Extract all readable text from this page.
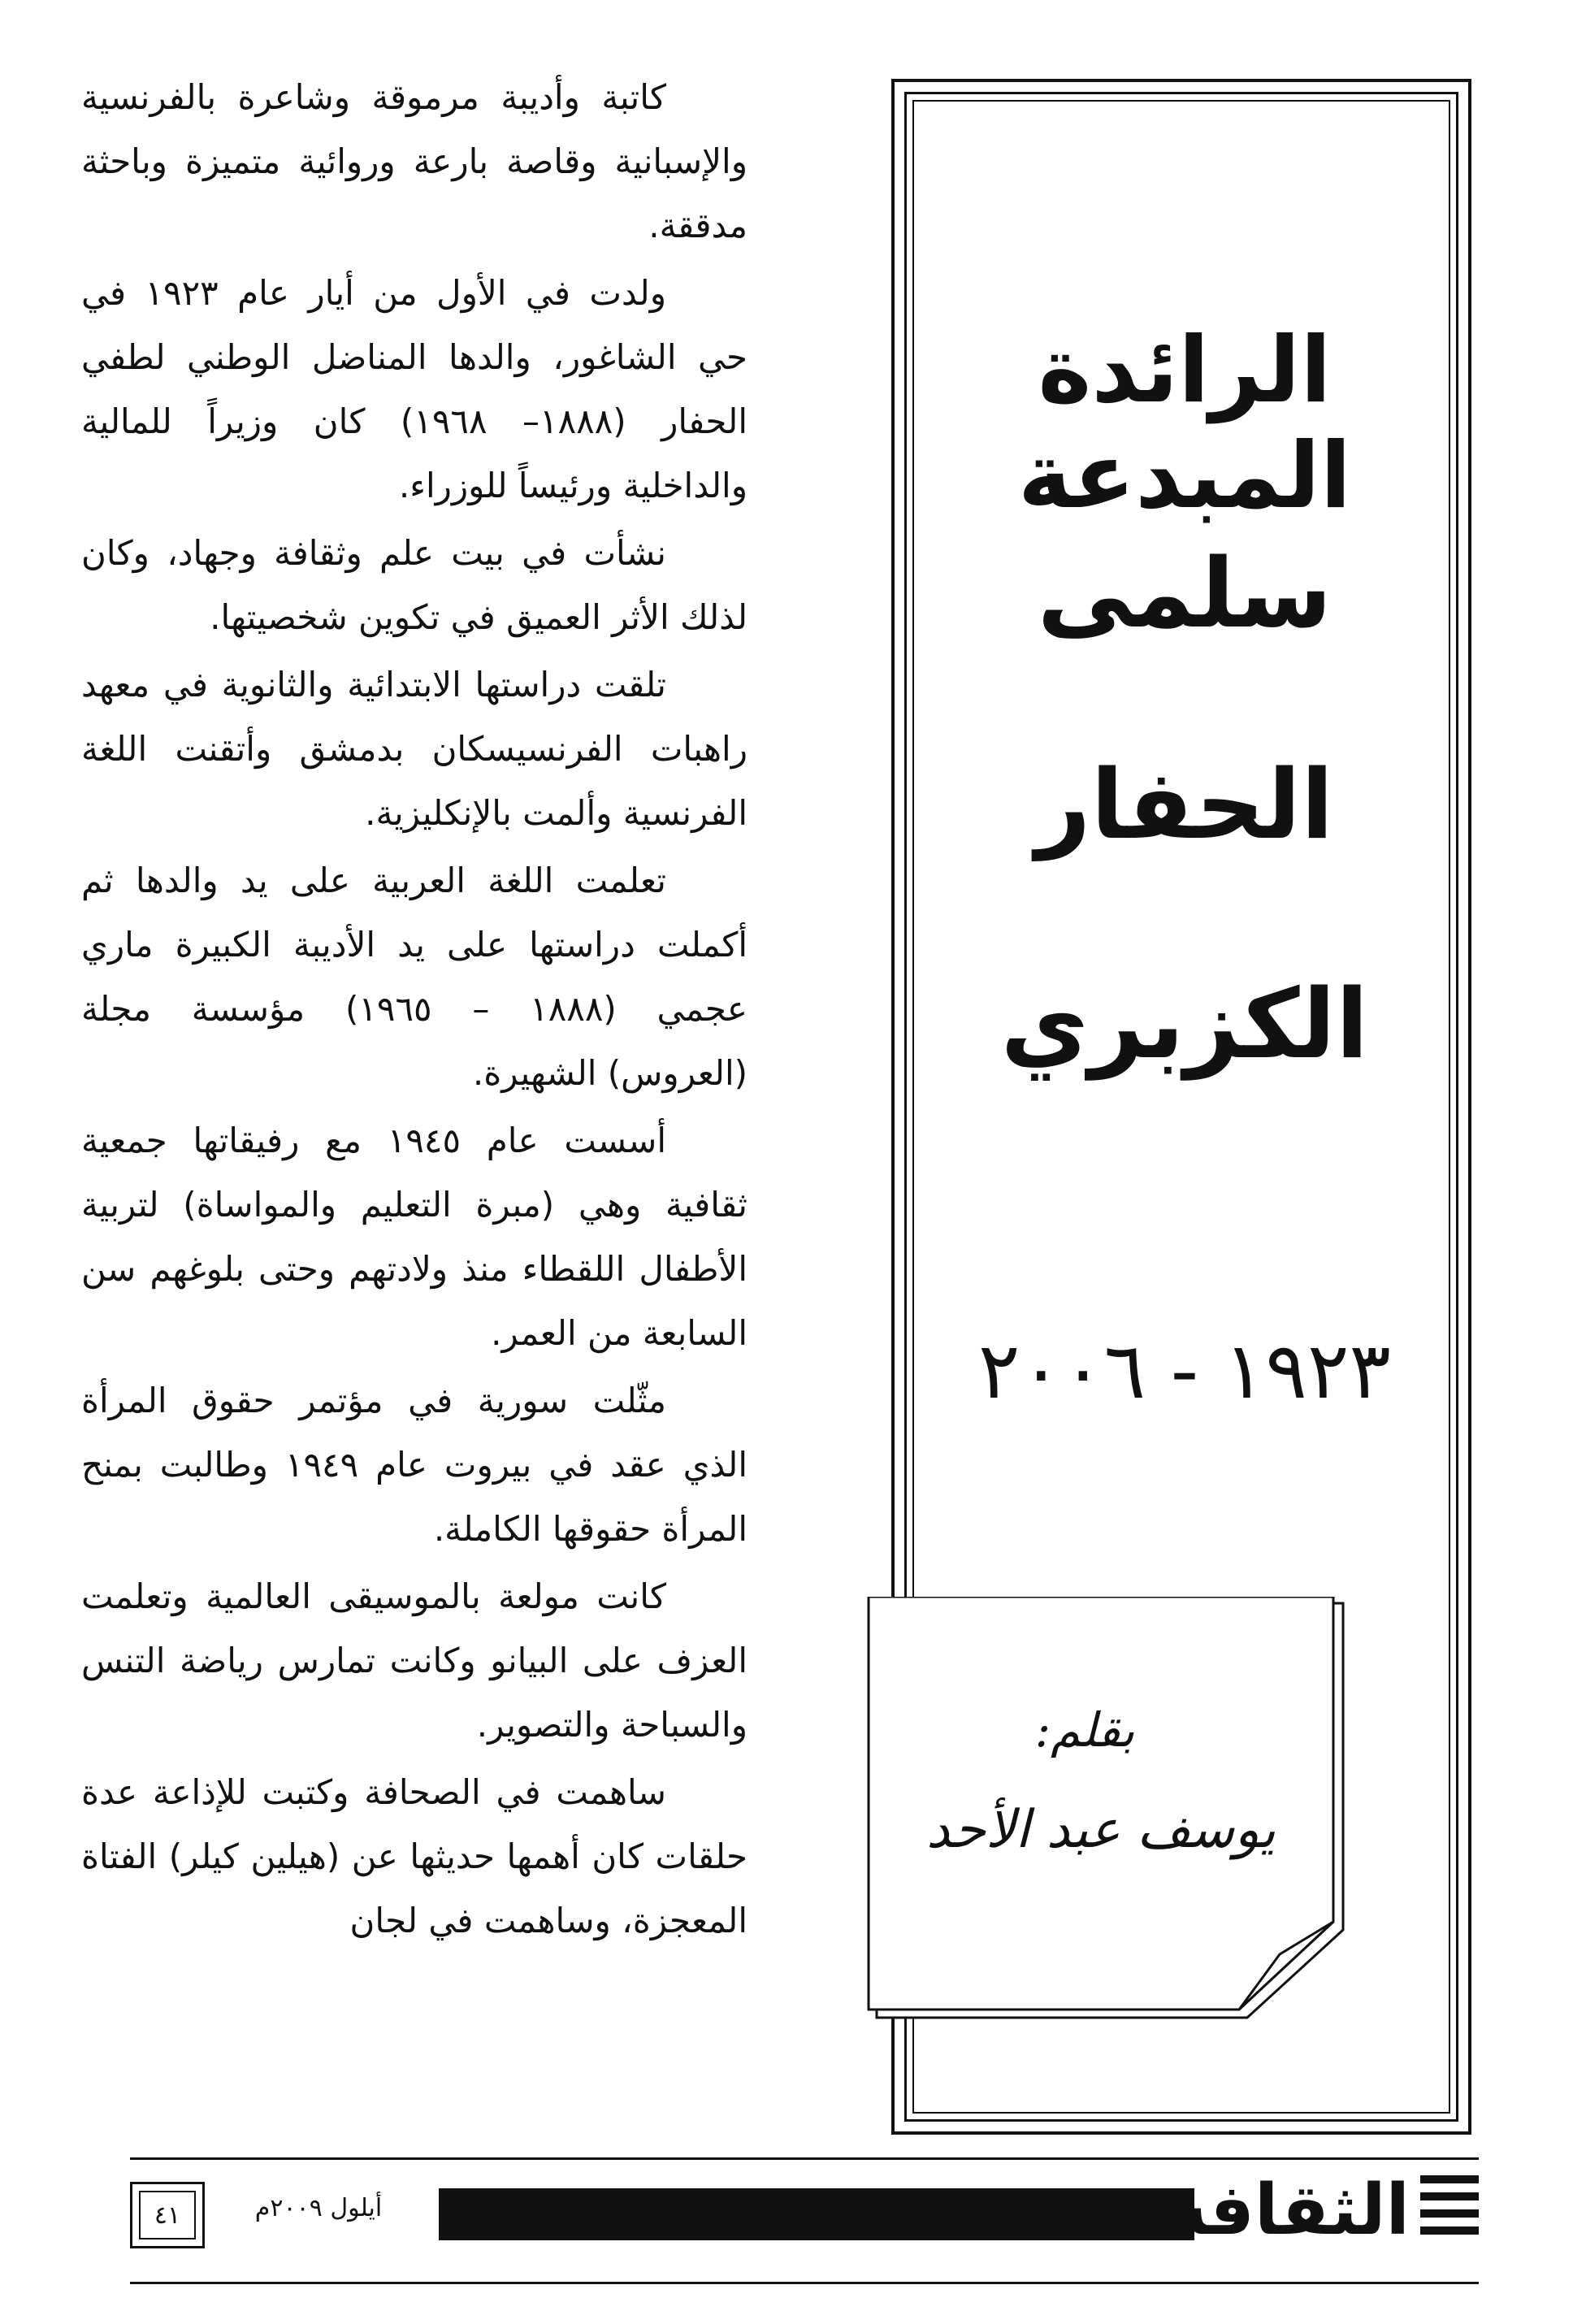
كاتبة وأديبة مرموقة وشاعرة بالفرنسية والإسبانية وقاصة بارعة وروائية متميزة وباحثة مدققة.

ولدت في الأول من أيار عام ١٩٢٣ في حي الشاغور، والدها المناضل الوطني لطفي الحفار (١٨٨٨– ١٩٦٨) كان وزيراً للمالية والداخلية ورئيساً للوزراء.

نشأت في بيت علم وثقافة وجهاد، وكان لذلك الأثر العميق في تكوين شخصيتها.

تلقت دراستها الابتدائية والثانوية في معهد راهبات الفرنسيسكان بدمشق وأتقنت اللغة الفرنسية وألمت بالإنكليزية.

تعلمت اللغة العربية على يد والدها ثم أكملت دراستها على يد الأديبة الكبيرة ماري عجمي (١٨٨٨ – ١٩٦٥) مؤسسة مجلة (العروس) الشهيرة.

أسست عام ١٩٤٥ مع رفيقاتها جمعية ثقافية وهي (مبرة التعليم والمواساة) لتربية الأطفال اللقطاء منذ ولادتهم وحتى بلوغهم سن السابعة من العمر.

مثّلت سورية في مؤتمر حقوق المرأة الذي عقد في بيروت عام ١٩٤٩ وطالبت بمنح المرأة حقوقها الكاملة.

كانت مولعة بالموسيقى العالمية وتعلمت العزف على البيانو وكانت تمارس رياضة التنس والسباحة والتصوير.

ساهمت في الصحافة وكتبت للإذاعة عدة حلقات كان أهمها حديثها عن (هيلين كيلر) الفتاة المعجزة، وساهمت في لجان

الرائدة المبدعة
سلمى
الحفار
الكزبري
١٩٢٣ - ٢٠٠٦
بقلم:
يوسف عبد الأحد
٤١	أيلول ٢٠٠٩م	الثقافة
